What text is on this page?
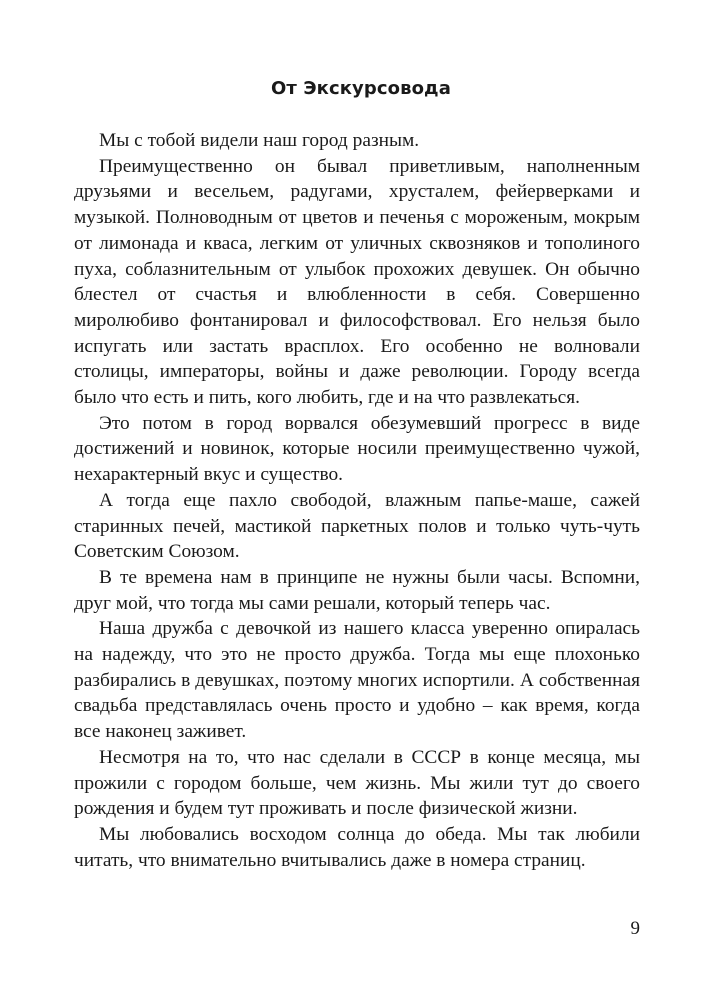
От Экскурсовода

Мы с тобой видели наш город разным.

Преимущественно он бывал приветливым, наполненным друзьями и весельем, радугами, хрусталем, фейерверками и музыкой. Полноводным от цветов и печенья с мороженым, мокрым от лимонада и кваса, легким от уличных сквозняков и тополиного пуха, соблазнительным от улыбок прохожих девушек. Он обычно блестел от счастья и влюбленности в себя. Совершенно миролюбиво фонтанировал и философствовал. Его нельзя было испугать или застать врасплох. Его особенно не волновали столицы, императоры, войны и даже революции. Городу всегда было что есть и пить, кого любить, где и на что развлекаться.

Это потом в город ворвался обезумевший прогресс в виде достижений и новинок, которые носили преимущественно чужой, нехарактерный вкус и существо.

А тогда еще пахло свободой, влажным папье-маше, сажей старинных печей, мастикой паркетных полов и только чуть-чуть Советским Союзом.

В те времена нам в принципе не нужны были часы. Вспомни, друг мой, что тогда мы сами решали, который теперь час.

Наша дружба с девочкой из нашего класса уверенно опиралась на надежду, что это не просто дружба. Тогда мы еще плохонько разбирались в девушках, поэтому многих испортили. А собственная свадьба представлялась очень просто и удобно – как время, когда все наконец заживет.

Несмотря на то, что нас сделали в СССР в конце месяца, мы прожили с городом больше, чем жизнь. Мы жили тут до своего рождения и будем тут проживать и после физической жизни.

Мы любовались восходом солнца до обеда. Мы так любили читать, что внимательно вчитывались даже в номера страниц.

9
